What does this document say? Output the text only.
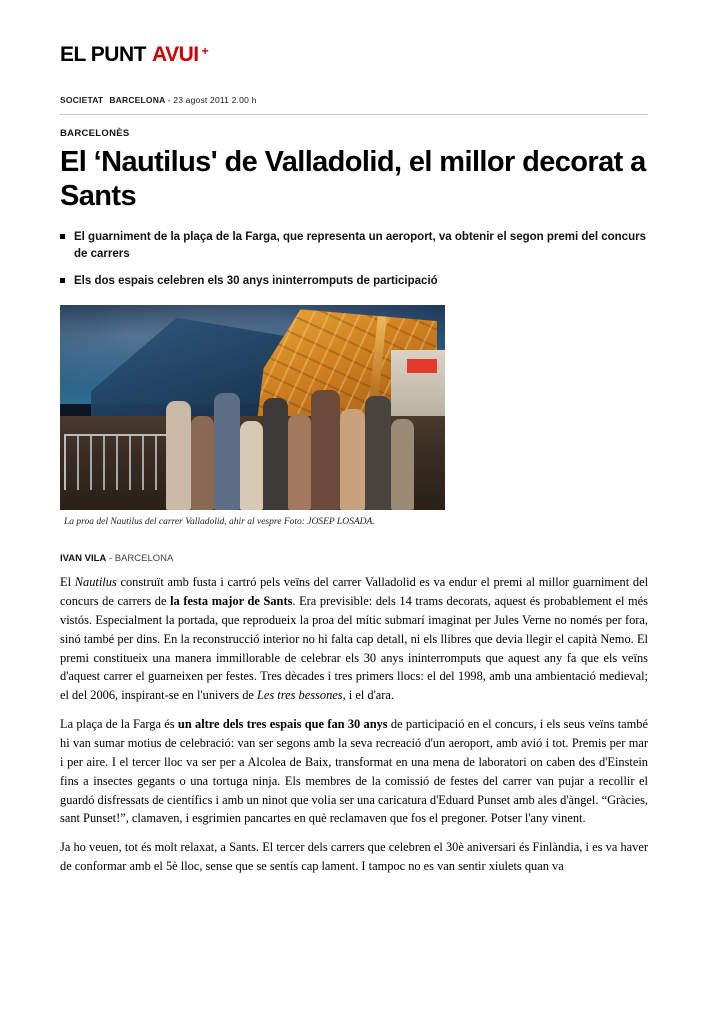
EL PUNT AVUI +
SOCIETAT BARCELONA - 23 agost 2011 2.00 h
BARCELONÈS
El ‘Nautilus' de Valladolid, el millor decorat a Sants
El guarniment de la plaça de la Farga, que representa un aeroport, va obtenir el segon premi del concurs de carrers
Els dos espais celebren els 30 anys ininterromputs de participació
La proa del Nautilus del carrer Valladolid, ahir al vespre Foto: JOSEP LOSADA.
IVAN VILA - BARCELONA

El Nautilus construït amb fusta i cartró pels veïns del carrer Valladolid es va endur el premi al millor guarniment del concurs de carrers de la festa major de Sants. Era previsible: dels 14 trams decorats, aquest és probablement el més vistós. Especialment la portada, que reprodueix la proa del mític submarí imaginat per Jules Verne no només per fora, sinó també per dins. En la reconstrucció interior no hi falta cap detall, ni els llibres que devia llegir el capità Nemo. El premi constitueix una manera immillorable de celebrar els 30 anys ininterromputs que aquest any fa que els veïns d'aquest carrer el guarneixen per festes. Tres dècades i tres primers llocs: el del 1998, amb una ambientació medieval; el del 2006, inspirant-se en l'univers de Les tres bessones, i el d'ara.

La plaça de la Farga és un altre dels tres espais que fan 30 anys de participació en el concurs, i els seus veïns també hi van sumar motius de celebració: van ser segons amb la seva recreació d'un aeroport, amb avió i tot. Premis per mar i per aire. I el tercer lloc va ser per a Alcolea de Baix, transformat en una mena de laboratori on caben des d'Einstein fins a insectes gegants o una tortuga ninja. Els membres de la comissió de festes del carrer van pujar a recollir el guardó disfressats de científics i amb un ninot que volia ser una caricatura d'Eduard Punset amb ales d'àngel. “Gràcies, sant Punset!”, clamaven, i esgrimien pancartes en què reclamaven que fos el pregoner. Potser l'any vinent.

Ja ho veuen, tot és molt relaxat, a Sants. El tercer dels carrers que celebren el 30è aniversari és Finlàndia, i es va haver de conformar amb el 5è lloc, sense que se sentís cap lament. I tampoc no es van sentir xiulets quan va
